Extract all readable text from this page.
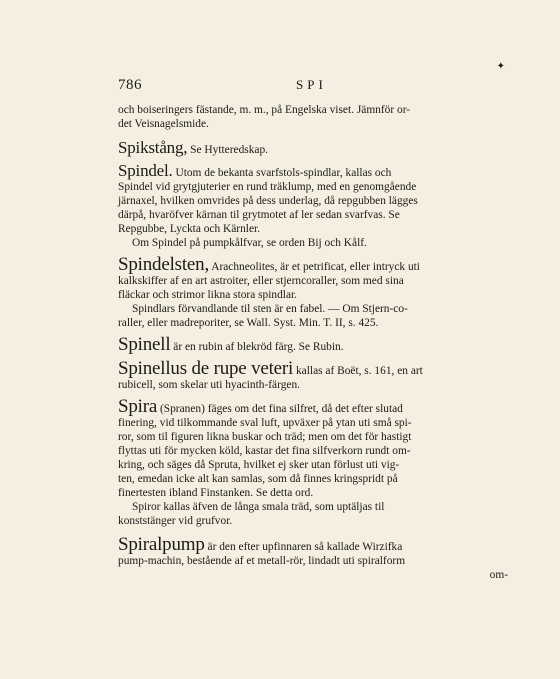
786	SPI
✦
och boiseringers fästande, m. m., på Engelska viset. Jämnför or-
det Veisnagelsmide.
Spikstång, Se Hytteredskap.
Spindel. Utom de bekanta svarfstols-spindlar, kallas och
Spindel vid grytgjuterier en rund träklump, med en genomgående
järnaxel, hvilken omvrides på dess underlag, då repgubben lägges
därpå, hvaröfver kärnan til grytmotet af ler sedan svarfvas. Se
Repgubbe, Lyckta och Kärnler.
Om Spindel på pumpkålfvar, se orden Bij och Kålf.
Spindelsten, Arachneolites, är et petrificat, eller intryck uti
kalkskiffer af en art astroiter, eller stjerncoraller, som med sina
fläckar och strimor likna stora spindlar.
Spindlars förvandlande til sten är en fabel. — Om Stjern-co-
raller, eller madreporiter, se Wall. Syst. Min. T. II, s. 425.
Spinell är en rubin af blekröd färg. Se Rubin.
Spinellus de rupe veteri kallas af Boët, s. 161, en art
rubicell, som skelar uti hyacinth-färgen.
Spira (Spranen) fäges om det fina silfret, då det efter slutad
finering, vid tilkommande sval luft, upväxer på ytan uti små spi-
ror, som til figuren likna buskar och träd; men om det för hastigt
flyttas uti för mycken köld, kastar det fina silfverkorn rundt om-
kring, och säges då Spruta, hvilket ej sker utan förlust uti vig-
ten, emedan icke alt kan samlas, som då finnes kringspridt på
finertesten ibland Finstanken. Se detta ord.
Spiror kallas äfven de långa smala träd, som uptäljas til
konststänger vid grufvor.
Spiralpump är den efter upfinnaren så kallade Wirzifka
pump-machin, bestående af et metall-rör, lindadt uti spiralform
om-
